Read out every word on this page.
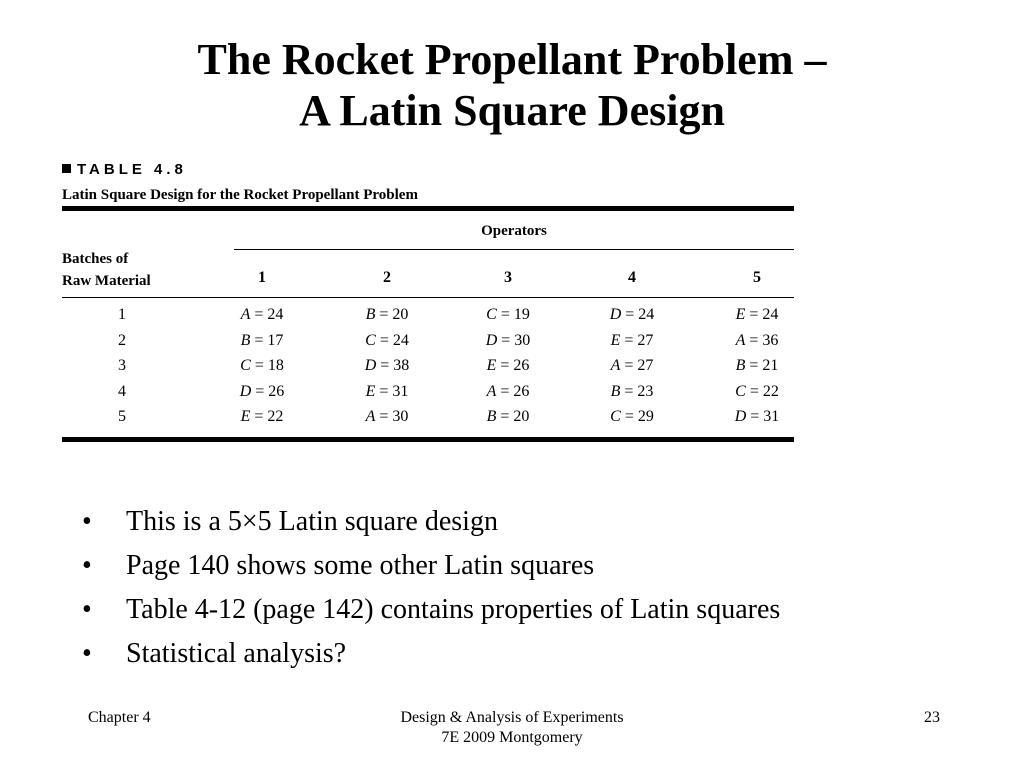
The Rocket Propellant Problem –
A Latin Square Design
TABLE 4.8
Latin Square Design for the Rocket Propellant Problem
Batches of
Raw Material
Operators
1	2	3	4	5
1	A = 24	B = 20	C = 19	D = 24	E = 24
2	B = 17	C = 24	D = 30	E = 27	A = 36
3	C = 18	D = 38	E = 26	A = 27	B = 21
4	D = 26	E = 31	A = 26	B = 23	C = 22
5	E = 22	A = 30	B = 20	C = 29	D = 31
• This is a 5×5 Latin square design
• Page 140 shows some other Latin squares
• Table 4-12 (page 142) contains properties of Latin squares
• Statistical analysis?
Chapter 4	Design & Analysis of Experiments
7E 2009 Montgomery
23
